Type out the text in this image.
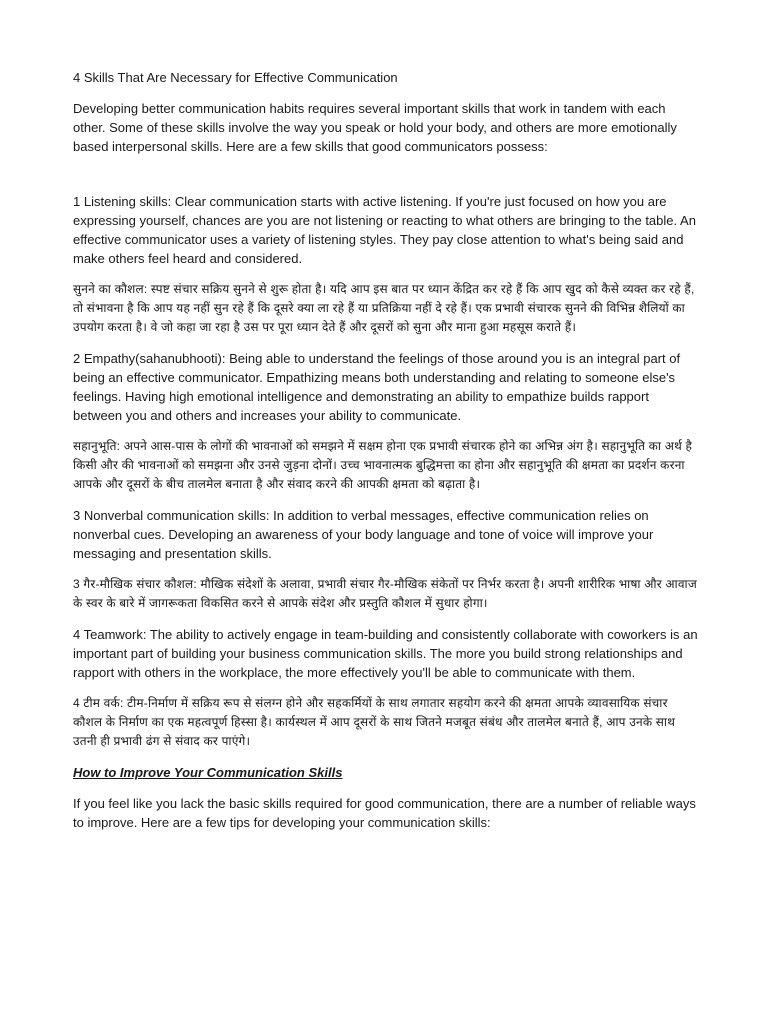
4 Skills That Are Necessary for Effective Communication

Developing better communication habits requires several important skills that work in tandem with each other. Some of these skills involve the way you speak or hold your body, and others are more emotionally based interpersonal skills. Here are a few skills that good communicators possess:

1 Listening skills: Clear communication starts with active listening. If you're just focused on how you are expressing yourself, chances are you are not listening or reacting to what others are bringing to the table. An effective communicator uses a variety of listening styles. They pay close attention to what's being said and make others feel heard and considered.

सुनने का कौशल: स्पष्ट संचार सक्रिय सुनने से शुरू होता है। यदि आप इस बात पर ध्यान केंद्रित कर रहे हैं कि आप खुद को कैसे व्यक्त कर रहे हैं, तो संभावना है कि आप यह नहीं सुन रहे हैं कि दूसरे क्या ला रहे हैं या प्रतिक्रिया नहीं दे रहे हैं। एक प्रभावी संचारक सुनने की विभिन्न शैलियों का उपयोग करता है। वे जो कहा जा रहा है उस पर पूरा ध्यान देते हैं और दूसरों को सुना और माना हुआ महसूस कराते हैं।

2 Empathy(sahanubhooti): Being able to understand the feelings of those around you is an integral part of being an effective communicator. Empathizing means both understanding and relating to someone else's feelings. Having high emotional intelligence and demonstrating an ability to empathize builds rapport between you and others and increases your ability to communicate.

सहानुभूति: अपने आस-पास के लोगों की भावनाओं को समझने में सक्षम होना एक प्रभावी संचारक होने का अभिन्न अंग है। सहानुभूति का अर्थ है किसी और की भावनाओं को समझना और उनसे जुड़ना दोनों। उच्च भावनात्मक बुद्धिमत्ता का होना और सहानुभूति की क्षमता का प्रदर्शन करना आपके और दूसरों के बीच तालमेल बनाता है और संवाद करने की आपकी क्षमता को बढ़ाता है।

3 Nonverbal communication skills: In addition to verbal messages, effective communication relies on nonverbal cues. Developing an awareness of your body language and tone of voice will improve your messaging and presentation skills.

3 गैर-मौखिक संचार कौशल: मौखिक संदेशों के अलावा, प्रभावी संचार गैर-मौखिक संकेतों पर निर्भर करता है। अपनी शारीरिक भाषा और आवाज के स्वर के बारे में जागरूकता विकसित करने से आपके संदेश और प्रस्तुति कौशल में सुधार होगा।

4 Teamwork: The ability to actively engage in team-building and consistently collaborate with coworkers is an important part of building your business communication skills. The more you build strong relationships and rapport with others in the workplace, the more effectively you'll be able to communicate with them.

4 टीम वर्क: टीम-निर्माण में सक्रिय रूप से संलग्न होने और सहकर्मियों के साथ लगातार सहयोग करने की क्षमता आपके व्यावसायिक संचार कौशल के निर्माण का एक महत्वपूर्ण हिस्सा है। कार्यस्थल में आप दूसरों के साथ जितने मजबूत संबंध और तालमेल बनाते हैं, आप उनके साथ उतनी ही प्रभावी ढंग से संवाद कर पाएंगे।

How to Improve Your Communication Skills

If you feel like you lack the basic skills required for good communication, there are a number of reliable ways to improve. Here are a few tips for developing your communication skills:
